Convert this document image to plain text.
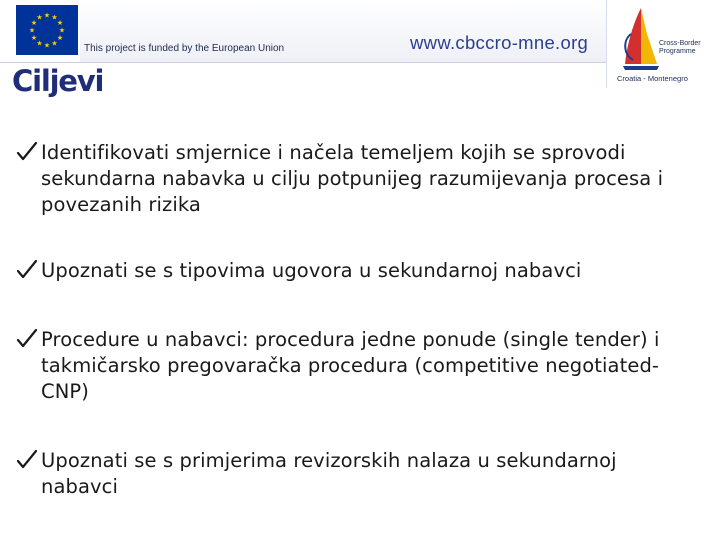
★ ★
★
★
★
★
★
★
★
★
★
★
This project is funded by the European Union	www.cbccro-mne.org	Cross-Border
Programme
Croatia - Montenegro
Ciljevi
Identifikovati smjernice i načela temeljem kojih se sprovodi sekundarna nabavka u cilju potpunijeg razumijevanja procesa i povezanih rizika
Upoznati se s tipovima ugovora u sekundarnoj nabavci
Procedure u nabavci: procedura jedne ponude (single tender) i takmičarsko pregovaračka procedura (competitive negotiated-CNP)
Upoznati se s primjerima revizorskih nalaza u sekundarnoj nabavci
